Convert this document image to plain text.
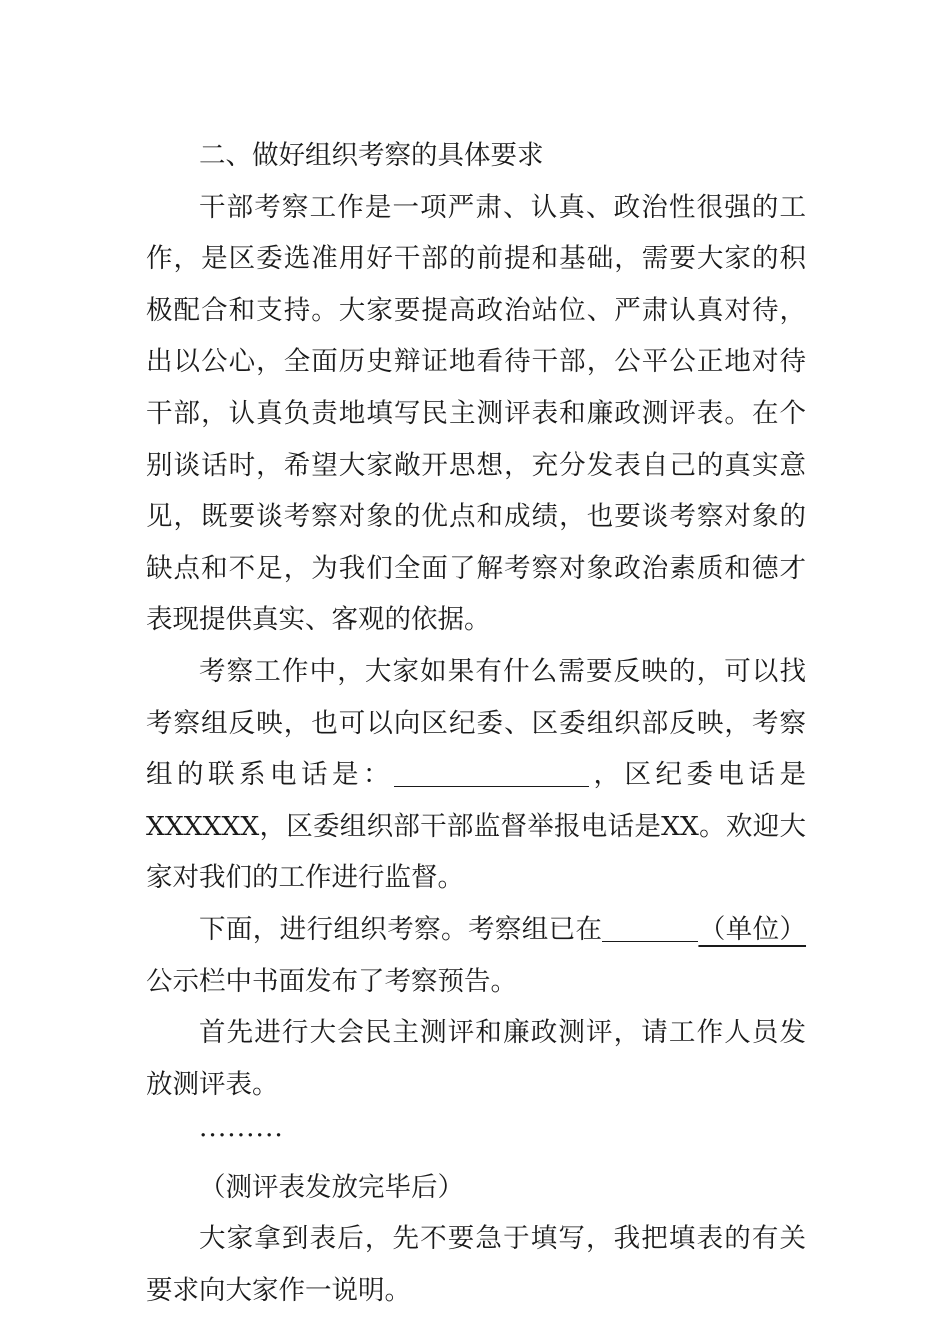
二、做好组织考察的具体要求

干部考察工作是一项严肃、认真、政治性很强的工作，是区委选准用好干部的前提和基础，需要大家的积极配合和支持。大家要提高政治站位、严肃认真对待，出以公心，全面历史辩证地看待干部，公平公正地对待干部，认真负责地填写民主测评表和廉政测评表。在个别谈话时，希望大家敞开思想，充分发表自己的真实意见，既要谈考察对象的优点和成绩，也要谈考察对象的缺点和不足，为我们全面了解考察对象政治素质和德才表现提供真实、客观的依据。

考察工作中，大家如果有什么需要反映的，可以找考察组反映，也可以向区纪委、区委组织部反映，考察组的联系电话是：	，区纪委电话是XXXXXX，区委组织部干部监督举报电话是XX。欢迎大家对我们的工作进行监督。

下面，进行组织考察。考察组已在	（单位）公示栏中书面发布了考察预告。

首先进行大会民主测评和廉政测评，请工作人员发放测评表。

·········

（测评表发放完毕后）

大家拿到表后，先不要急于填写，我把填表的有关要求向大家作一说明。
